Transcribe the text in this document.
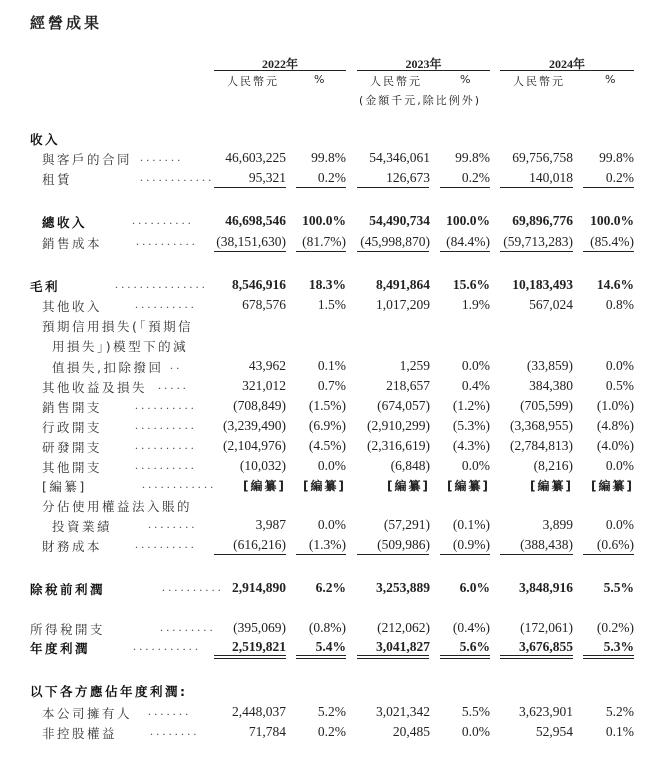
經營成果
2022年	2023年	2024年
人民幣元	%	人民幣元	%	人民幣元	%
(金額千元,除比例外)
收入
與客戶的合同 .......	46,603,225	99.8%	54,346,061	99.8%	69,756,758	99.8%
租賃	............	95,321	0.2%	126,673	0.2%	140,018	0.2%
總收入	..........	46,698,546	100.0%	54,490,734	100.0%	69,896,776	100.0%
銷售成本	..........	(38,151,630)	(81.7%)	(45,998,870)	(84.4%) (59,713,283)	(85.4%)
毛利	...............	8,546,916	18.3%	8,491,864	15.6%	10,183,493	14.6%
其他收入	..........	678,576	1.5%	1,017,209	1.9%	567,024	0.8%
預期信用損失(「預期信
用損失」)模型下的減
值損失,扣除撥回 ..	43,962	0.1%	1,259	0.0%	(33,859)	0.0%
其他收益及損失 .....	321,012	0.7%	218,657	0.4%	384,380	0.5%
銷售開支	..........	(708,849)	(1.5%)	(674,057)	(1.2%)	(705,599)	(1.0%)
行政開支	..........	(3,239,490)	(6.9%)	(2,910,299)	(5.3%)	(3,368,955)	(4.8%)
研發開支	..........	(2,104,976)	(4.5%)	(2,316,619)	(4.3%)	(2,784,813)	(4.0%)
其他開支	..........	(10,032)	0.0%	(6,848)	0.0%	(8,216)	0.0%
[編纂]	............	[編纂]	[編纂]	[編纂]	[編纂]	[編纂]	[編纂]
分佔使用權益法入賬的
投資業績	........	3,987	0.0%	(57,291)	(0.1%)	3,899	0.0%
財務成本	..........	(616,216)	(1.3%)	(509,986)	(0.9%)	(388,438)	(0.6%)
除稅前利潤	.......... 2,914,890	6.2%	3,253,889	6.0%	3,848,916	5.5%
所得稅開支	.........	(395,069)	(0.8%)	(212,062)	(0.4%)	(172,061)	(0.2%)
年度利潤	...........	2,519,821	5.4%	3,041,827	5.6%	3,676,855	5.3%
以下各方應佔年度利潤:
本公司擁有人 .......	2,448,037	5.2%	3,021,342	5.5%	3,623,901	5.2%
非控股權益	........	71,784	0.2%	20,485	0.0%	52,954	0.1%
